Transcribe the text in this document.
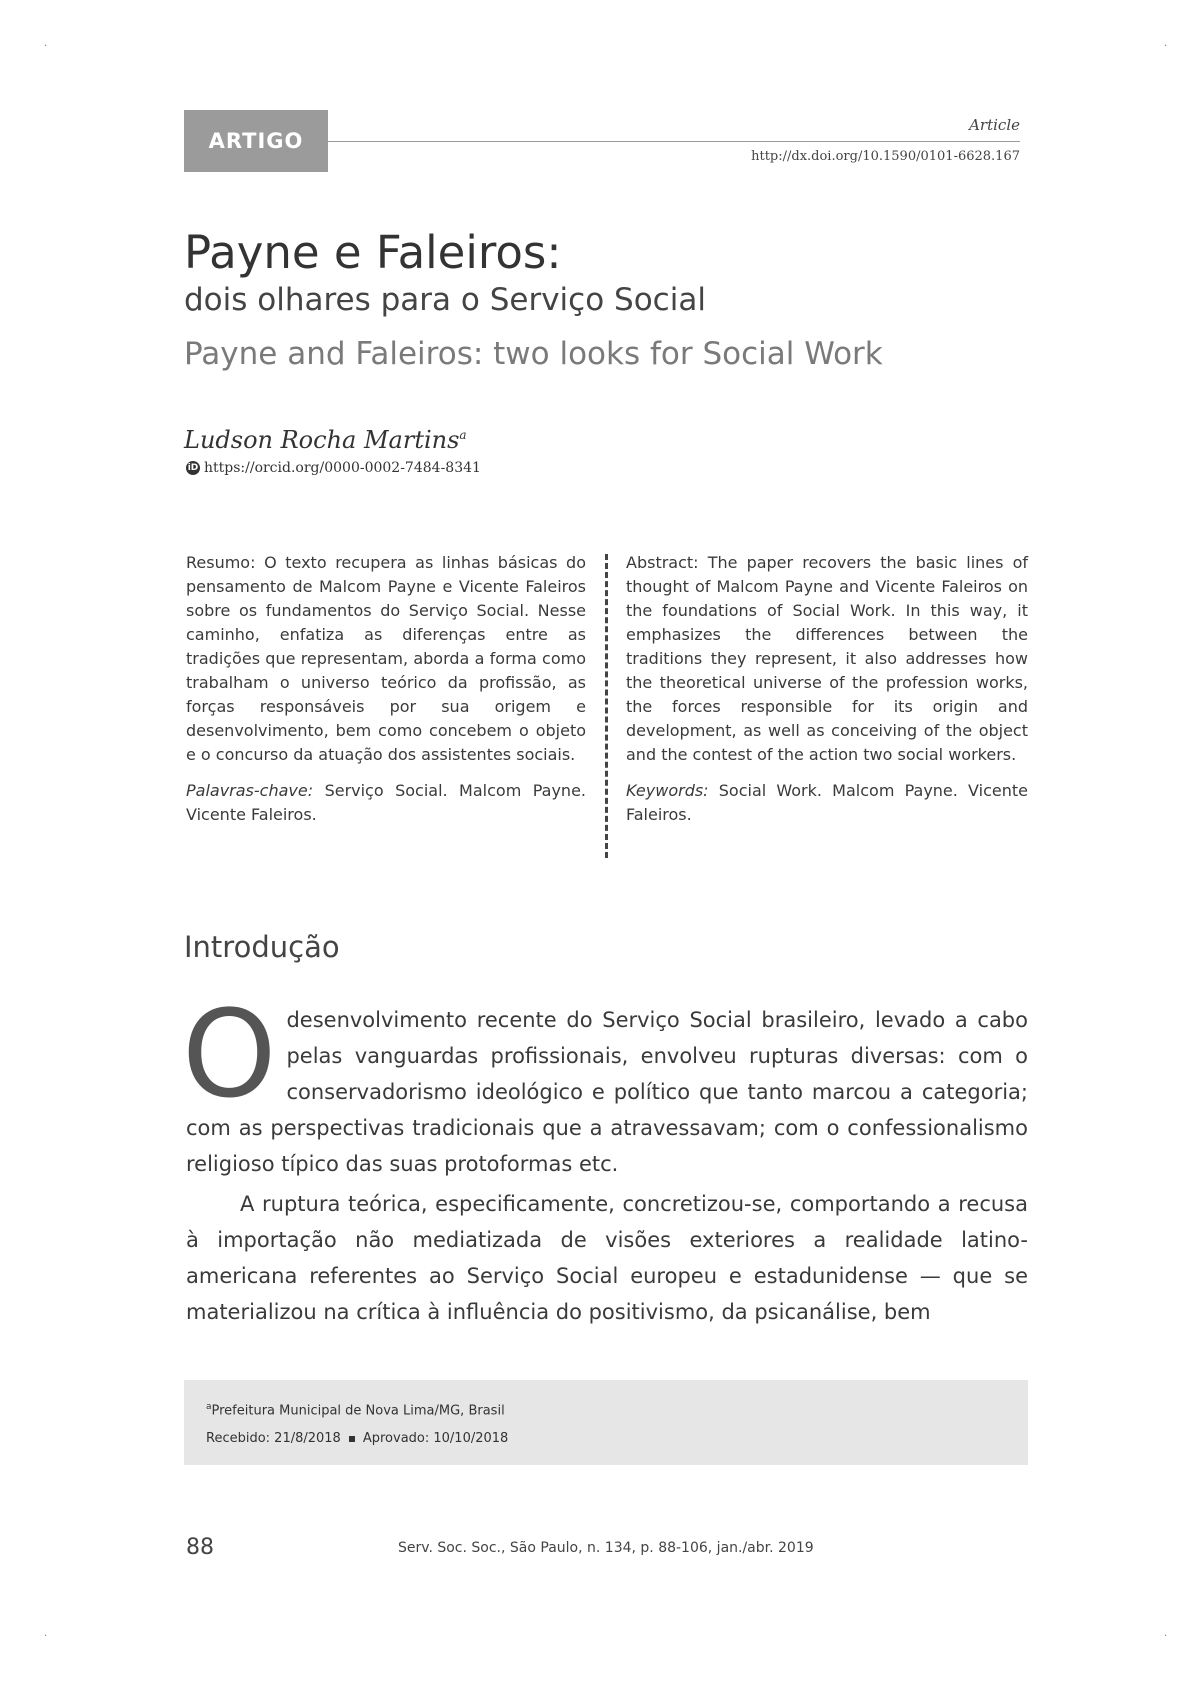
·	·
·	·
ARTIGO
Article
http://dx.doi.org/10.1590/0101-6628.167
Payne e Faleiros:
dois olhares para o Serviço Social
Payne and Faleiros: two looks for Social Work
Ludson Rocha Martins$^a$
iD https://orcid.org/0000-0002-7484-8341

Resumo: O texto recupera as linhas básicas do pensamento de Malcom Payne e Vicente Faleiros sobre os fundamentos do Serviço Social. Nesse caminho, enfatiza as diferenças entre as tradições que representam, aborda a forma como trabalham o universo teórico da profissão, as forças responsáveis por sua origem e desenvolvimento, bem como concebem o objeto e o concurso da atuação dos assistentes sociais.

Palavras-chave: Serviço Social. Malcom Payne. Vicente Faleiros.

Abstract: The paper recovers the basic lines of thought of Malcom Payne and Vicente Faleiros on the foundations of Social Work. In this way, it emphasizes the differences between the traditions they represent, it also addresses how the theoretical universe of the profession works, the forces responsible for its origin and development, as well as conceiving of the object and the contest of the action two social workers.

Keywords: Social Work. Malcom Payne. Vicente Faleiros.

Introdução

Odesenvolvimento recente do Serviço Social brasileiro, levado a cabo pelas vanguardas profissionais, envolveu rupturas diversas: com o conservadorismo ideológico e político que tanto marcou a categoria; com as perspectivas tradicionais que a atravessavam; com o confessionalismo religioso típico das suas protoformas etc.

A ruptura teórica, especificamente, concretizou-se, comportando a recusa à importação não mediatizada de visões exteriores a realidade latino-americana referentes ao Serviço Social europeu e estadunidense — que se materializou na crítica à influência do positivismo, da psicanálise, bem

$^a$Prefeitura Municipal de Nova Lima/MG, Brasil
Recebido: 21/8/2018 Aprovado: 10/10/2018
88	Serv. Soc. Soc., São Paulo, n. 134, p. 88-106, jan./abr. 2019
